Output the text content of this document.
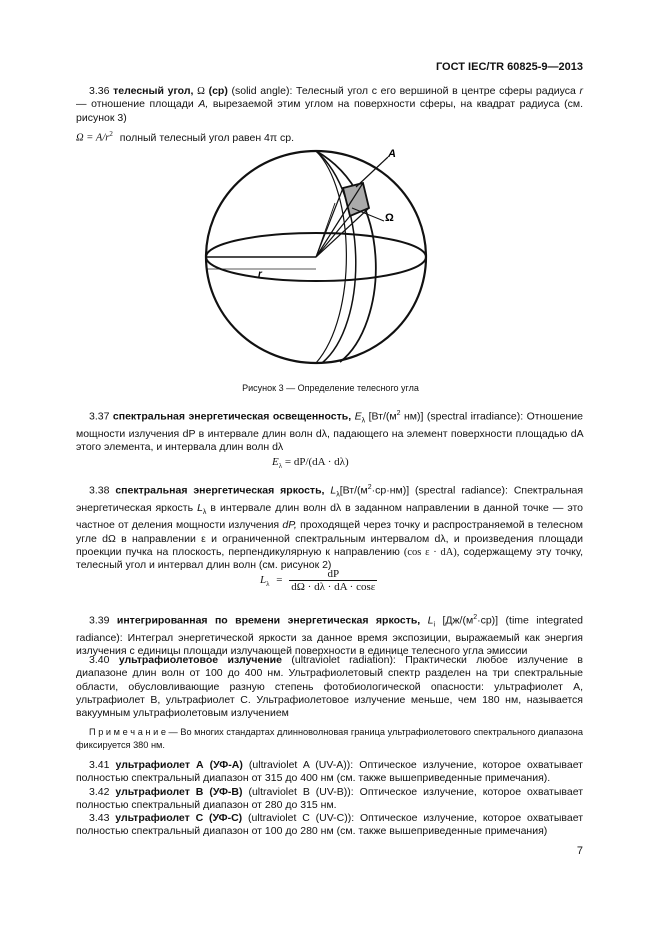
ГОСТ IEC/TR 60825-9—2013
3.36 телесный угол, Ω (ср) (solid angle): Телесный угол с его вершиной в центре сферы радиуса r — отношение площади A, вырезаемой этим углом на поверхности сферы, на квадрат радиуса (см. рисунок 3)
$\Omega = A/r^2$ полный телесный угол равен 4π ср.
A
Ω
r
Рисунок 3 — Определение телесного угла
3.37 спектральная энергетическая освещенность, $E_\lambda$ [$Вт/(м^2$ нм)] (spectral irradiance): Отношение мощности излучения dP в интервале длин волн dλ, падающего на элемент поверхности площадью dA этого элемента, и интервала длин волн dλ
$E_\lambda = dP/(dA \cdot d\lambda)$
3.38 спектральная энергетическая яркость, $L_\lambda[Вт/(м^2\cdot ср\cdot нм)]$ (spectral radiance): Спектральная энергетическая яркость $L_\lambda$ в интервале длин волн dλ в заданном направлении в данной точке — это частное от деления мощности излучения dP, проходящей через точку и распространяемой в телесном угле dΩ в направлении ε и ограниченной спектральным интервалом dλ, и произведения площади проекции пучка на плоскость, перпендикулярную к направлению (cos ε · dA), содержащему эту точку, телесный угол и интервал длин волн (см. рисунок 2)
$L_\lambda = \frac{dP}{d\Omega \cdot d\lambda \cdot dA \cdot \cos\varepsilon}$
3.39 интегрированная по времени энергетическая яркость, $L_i$ $[Дж/(м^2\cdot ср)]$ (time integrated radiance): Интеграл энергетической яркости за данное время экспозиции, выражаемый как энергия излучения с единицы площади излучающей поверхности в единице телесного угла эмиссии
3.40 ультрафиолетовое излучение (ultraviolet radiation): Практически любое излучение в диапазоне длин волн от 100 до 400 нм. Ультрафиолетовый спектр разделен на три спектральные области, обусловливающие разную степень фотобиологической опасности: ультрафиолет А, ультрафиолет В, ультрафиолет С. Ультрафиолетовое излучение меньше, чем 180 нм, называется вакуумным ультрафиолетовым излучением
П р и м е ч а н и е — Во многих стандартах длинноволновая граница ультрафиолетового спектрального диапазона фиксируется 380 нм.
3.41 ультрафиолет А (УФ-А) (ultraviolet A (UV-A)): Оптическое излучение, которое охватывает полностью спектральный диапазон от 315 до 400 нм (см. также вышеприведенные примечания).
3.42 ультрафиолет В (УФ-В) (ultraviolet B (UV-B)): Оптическое излучение, которое охватывает полностью спектральный диапазон от 280 до 315 нм.
3.43 ультрафиолет С (УФ-С) (ultraviolet C (UV-C)): Оптическое излучение, которое охватывает полностью спектральный диапазон от 100 до 280 нм (см. также вышеприведенные примечания)
7
